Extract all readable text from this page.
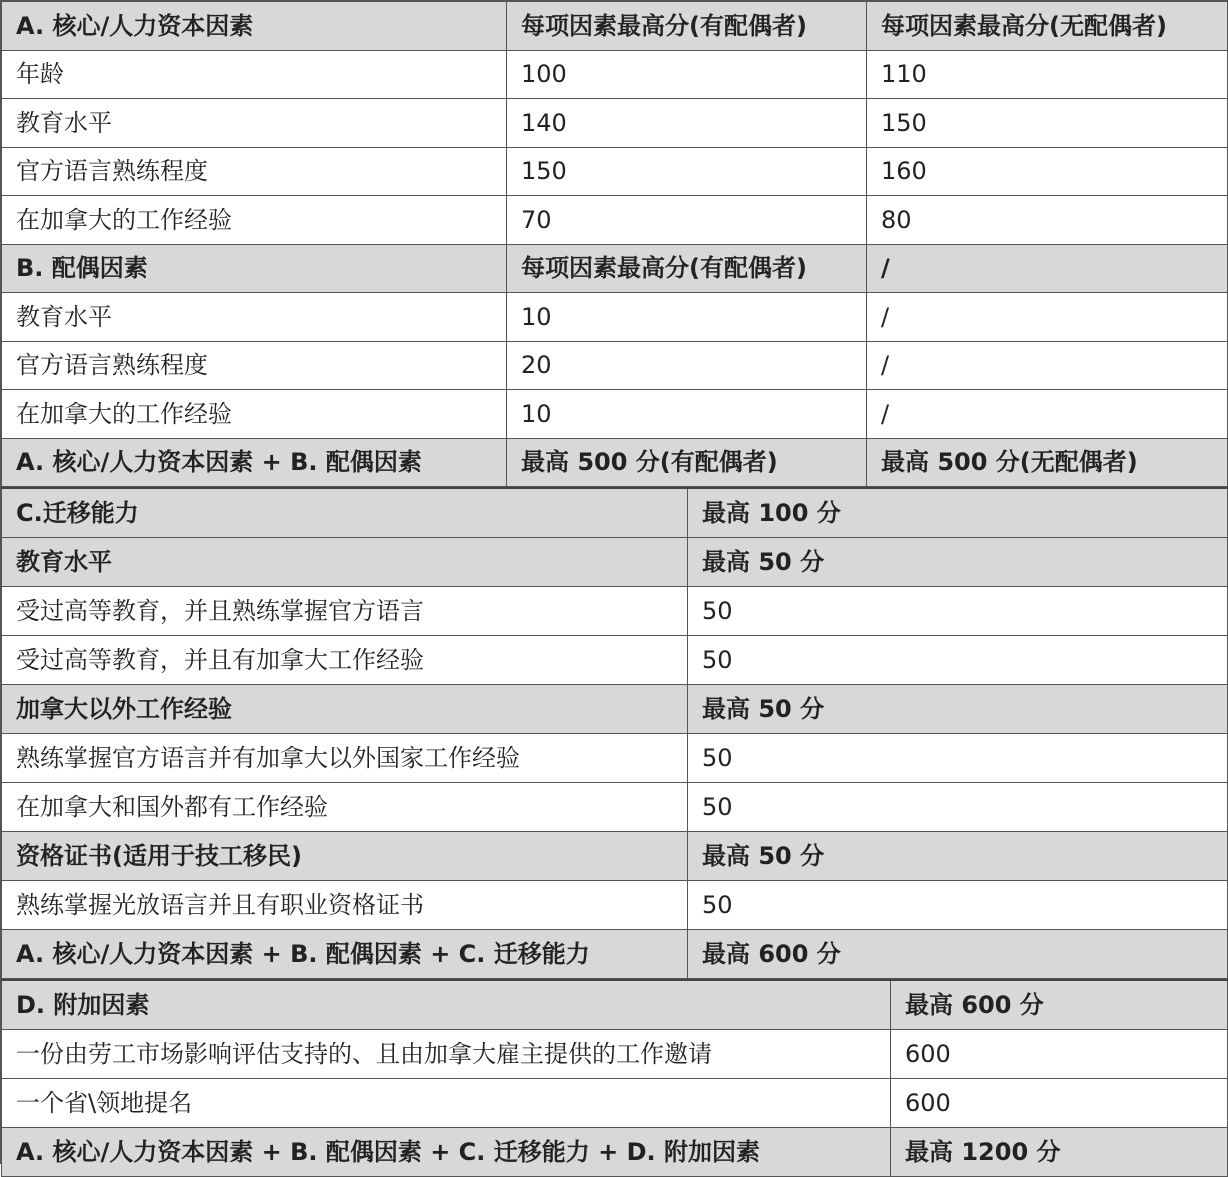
A. 核心/人力资本因素	每项因素最高分(有配偶者)	每项因素最高分(无配偶者)
年龄	100	110
教育水平	140	150
官方语言熟练程度	150	160
在加拿大的工作经验	70	80
B. 配偶因素	每项因素最高分(有配偶者)	/
教育水平	10	/
官方语言熟练程度	20	/
在加拿大的工作经验	10	/
A. 核心/人力资本因素 + B. 配偶因素	最高 500 分(有配偶者)	最高 500 分(无配偶者)
C.迁移能力	最高 100 分
教育水平	最高 50 分
受过高等教育，并且熟练掌握官方语言	50
受过高等教育，并且有加拿大工作经验	50
加拿大以外工作经验	最高 50 分
熟练掌握官方语言并有加拿大以外国家工作经验	50
在加拿大和国外都有工作经验	50
资格证书(适用于技工移民)	最高 50 分
熟练掌握光放语言并且有职业资格证书	50
A. 核心/人力资本因素 + B. 配偶因素 + C. 迁移能力	最高 600 分
D. 附加因素	最高 600 分
一份由劳工市场影响评估支持的、且由加拿大雇主提供的工作邀请	600
一个省\领地提名	600
A. 核心/人力资本因素 + B. 配偶因素 + C. 迁移能力 + D. 附加因素	最高 1200 分
